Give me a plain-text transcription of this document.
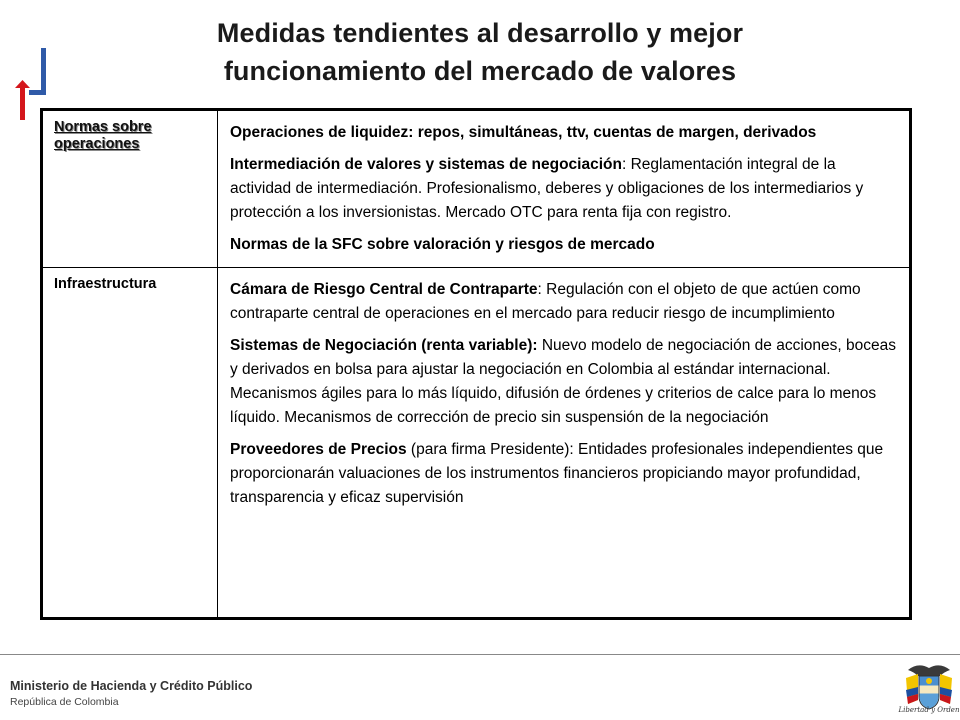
Medidas tendientes al desarrollo y mejor
funcionamiento del mercado de valores
Normas sobre operaciones

Operaciones de liquidez: repos, simultáneas, ttv, cuentas de margen, derivados

Intermediación de valores y sistemas de negociación: Reglamentación integral de la actividad de intermediación. Profesionalismo, deberes y obligaciones de los intermediarios y protección a los inversionistas. Mercado OTC para renta fija con registro.

Normas de la SFC sobre valoración y riesgos de mercado

Infraestructura	Cámara de Riesgo Central de Contraparte: Regulación con el objeto de que actúen como contraparte central de operaciones en el mercado para reducir riesgo de incumplimiento

Sistemas de Negociación (renta variable): Nuevo modelo de negociación de acciones, boceas y derivados en bolsa para ajustar la negociación en Colombia al estándar internacional. Mecanismos ágiles para lo más líquido, difusión de órdenes y criterios de calce para lo menos líquido. Mecanismos de corrección de precio sin suspensión de la negociación

Proveedores de Precios (para firma Presidente): Entidades profesionales independientes que proporcionarán valuaciones de los instrumentos financieros propiciando mayor profundidad, transparencia y eficaz supervisión

Ministerio de Hacienda y Crédito Público
República de Colombia
Libertad y Orden
